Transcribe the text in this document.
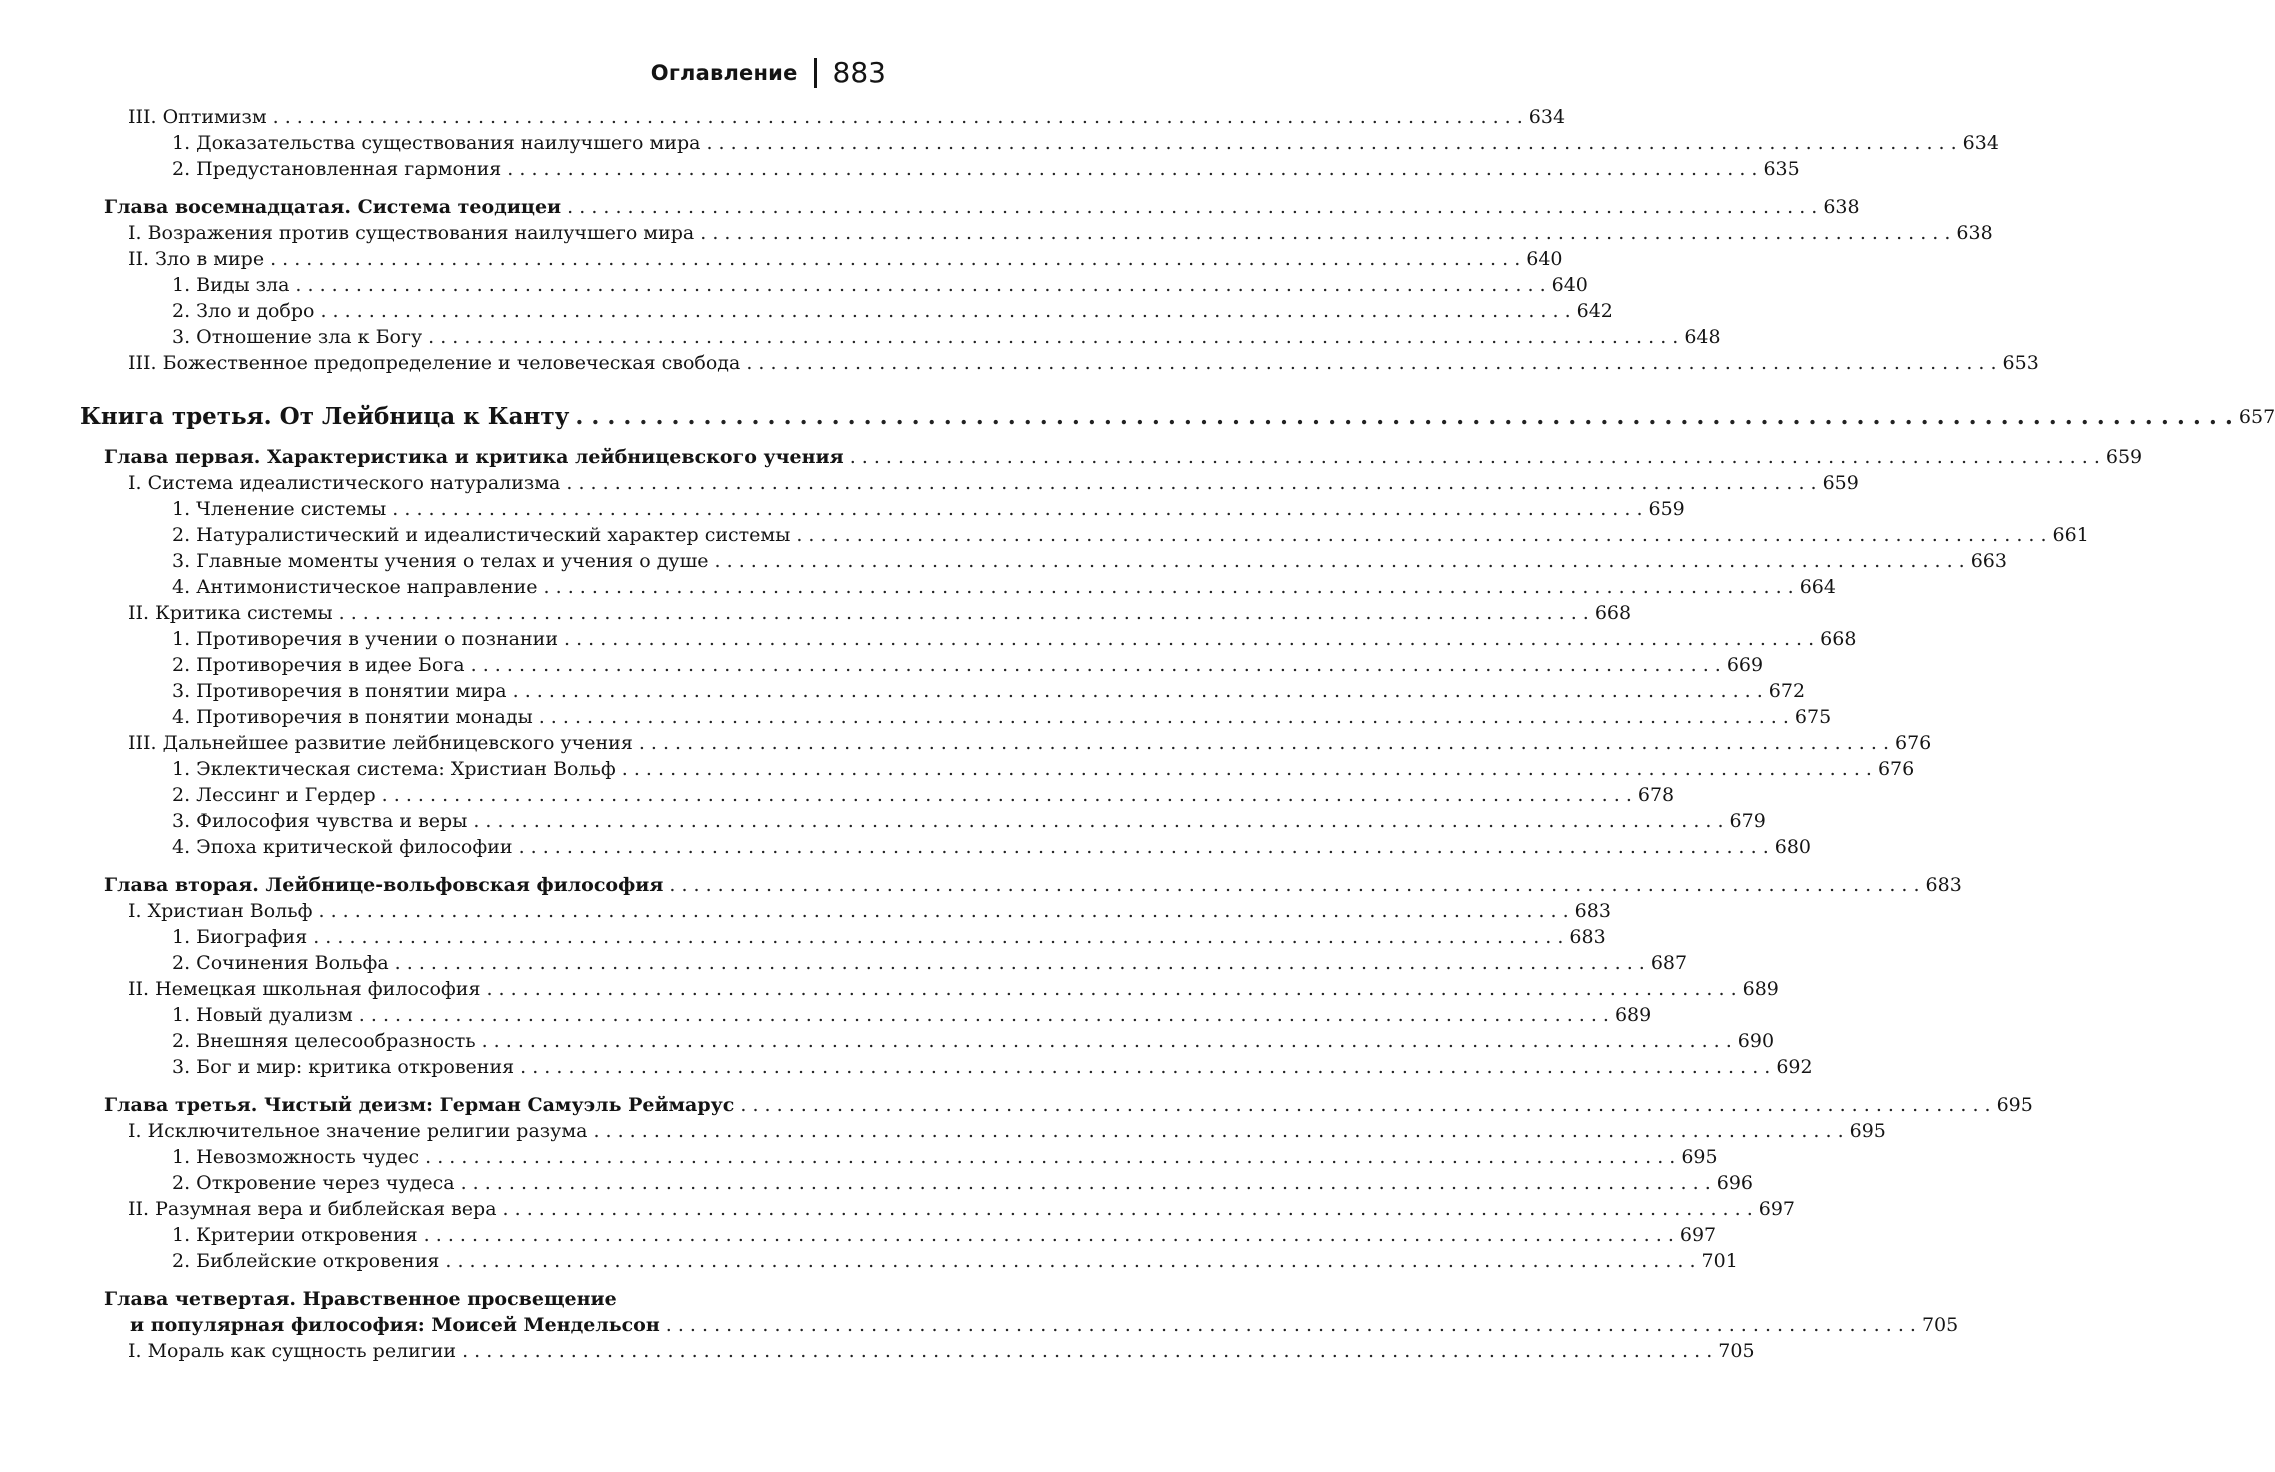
Оглавление 883
III. Оптимизм . . .	634
1. Доказательства существования наилучшего мира . . .	634
2. Предустановленная гармония . . .	635
Глава восемнадцатая. Система теодицеи . . .	638
I. Возражения против существования наилучшего мира . . .	638
II. Зло в мире . . .	640
1. Виды зла . . .	640
2. Зло и добро . . .	642
3. Отношение зла к Богу . . .	648
III. Божественное предопределение и человеческая свобода . . .	653
Книга третья. От Лейбница к Канту . . .	657
Глава первая. Характеристика и критика лейбницевского учения . . .	659
I. Система идеалистического натурализма . . .	659
1. Членение системы . . .	659
2. Натуралистический и идеалистический характер системы . . .	661
3. Главные моменты учения о телах и учения о душе . . .	663
4. Антимонистическое направление . . .	664
II. Критика системы . . .	668
1. Противоречия в учении о познании . . .	668
2. Противоречия в идее Бога . . .	669
3. Противоречия в понятии мира . . .	672
4. Противоречия в понятии монады . . .	675
III. Дальнейшее развитие лейбницевского учения . . .	676
1. Эклектическая система: Христиан Вольф . . .	676
2. Лессинг и Гердер . . .	678
3. Философия чувства и веры . . .	679
4. Эпоха критической философии . . .	680
Глава вторая. Лейбнице-вольфовская философия . . .	683
I. Христиан Вольф . . .	683
1. Биография . . .	683
2. Сочинения Вольфа . . .	687
II. Немецкая школьная философия . . .	689
1. Новый дуализм . . .	689
2. Внешняя целесообразность . . .	690
3. Бог и мир: критика откровения . . .	692
Глава третья. Чистый деизм: Герман Самуэль Реймарус . . .	695
I. Исключительное значение религии разума . . .	695
1. Невозможность чудес . . .	695
2. Откровение через чудеса . . .	696
II. Разумная вера и библейская вера . . .	697
1. Критерии откровения . . .	697
2. Библейские откровения . . .	701
Глава четвертая. Нравственное просвещение
и популярная философия: Моисей Мендельсон . . .	705
I. Мораль как сущность религии . . .	705
